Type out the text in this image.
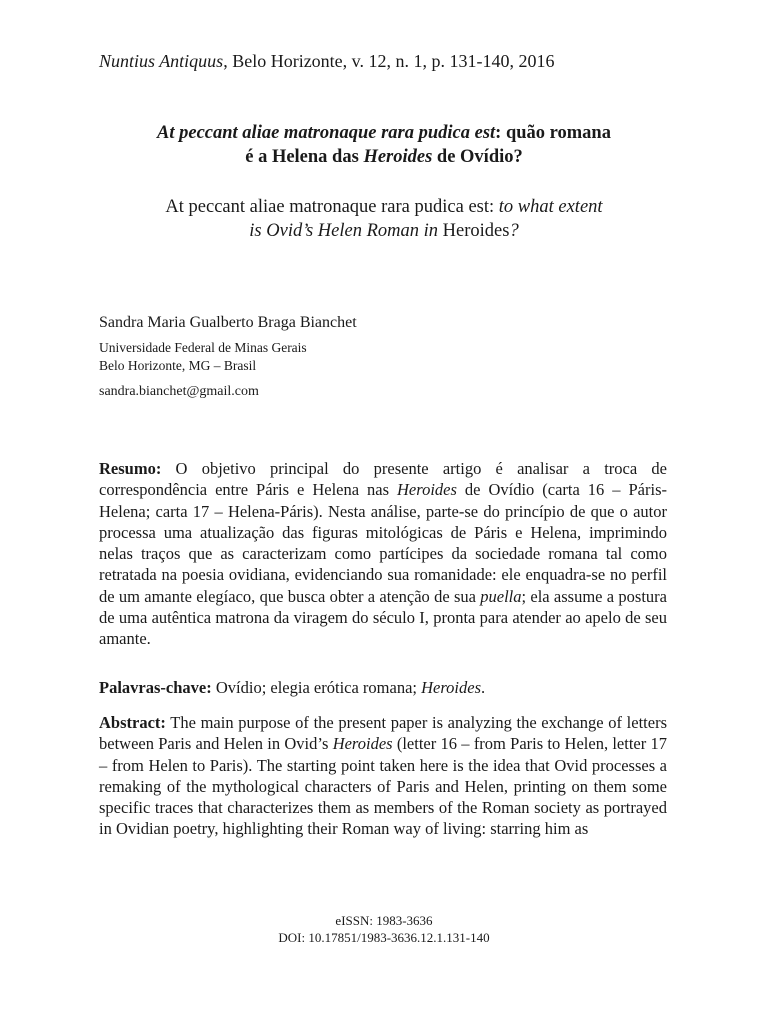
Nuntius Antiquus, Belo Horizonte, v. 12, n. 1, p. 131-140, 2016
At peccant aliae matronaque rara pudica est: quão romana
é a Helena das Heroides de Ovídio?
At peccant aliae matronaque rara pudica est: to what extent
is Ovid’s Helen Roman in Heroides?
Sandra Maria Gualberto Braga Bianchet
Universidade Federal de Minas Gerais
Belo Horizonte, MG – Brasil
sandra.bianchet@gmail.com
Resumo: O objetivo principal do presente artigo é analisar a troca de correspondência entre Páris e Helena nas Heroides de Ovídio (carta 16 – Páris-Helena; carta 17 – Helena-Páris). Nesta análise, parte-se do princípio de que o autor processa uma atualização das figuras mitológicas de Páris e Helena, imprimindo nelas traços que as caracterizam como partícipes da sociedade romana tal como retratada na poesia ovidiana, evidenciando sua romanidade: ele enquadra-se no perfil de um amante elegíaco, que busca obter a atenção de sua puella; ela assume a postura de uma autêntica matrona da viragem do século I, pronta para atender ao apelo de seu amante.
Palavras-chave: Ovídio; elegia erótica romana; Heroides.
Abstract: The main purpose of the present paper is analyzing the exchange of letters between Paris and Helen in Ovid’s Heroides (letter 16 – from Paris to Helen, letter 17 – from Helen to Paris). The starting point taken here is the idea that Ovid processes a remaking of the mythological characters of Paris and Helen, printing on them some specific traces that characterizes them as members of the Roman society as portrayed in Ovidian poetry, highlighting their Roman way of living: starring him as
eISSN: 1983-3636
DOI: 10.17851/1983-3636.12.1.131-140
